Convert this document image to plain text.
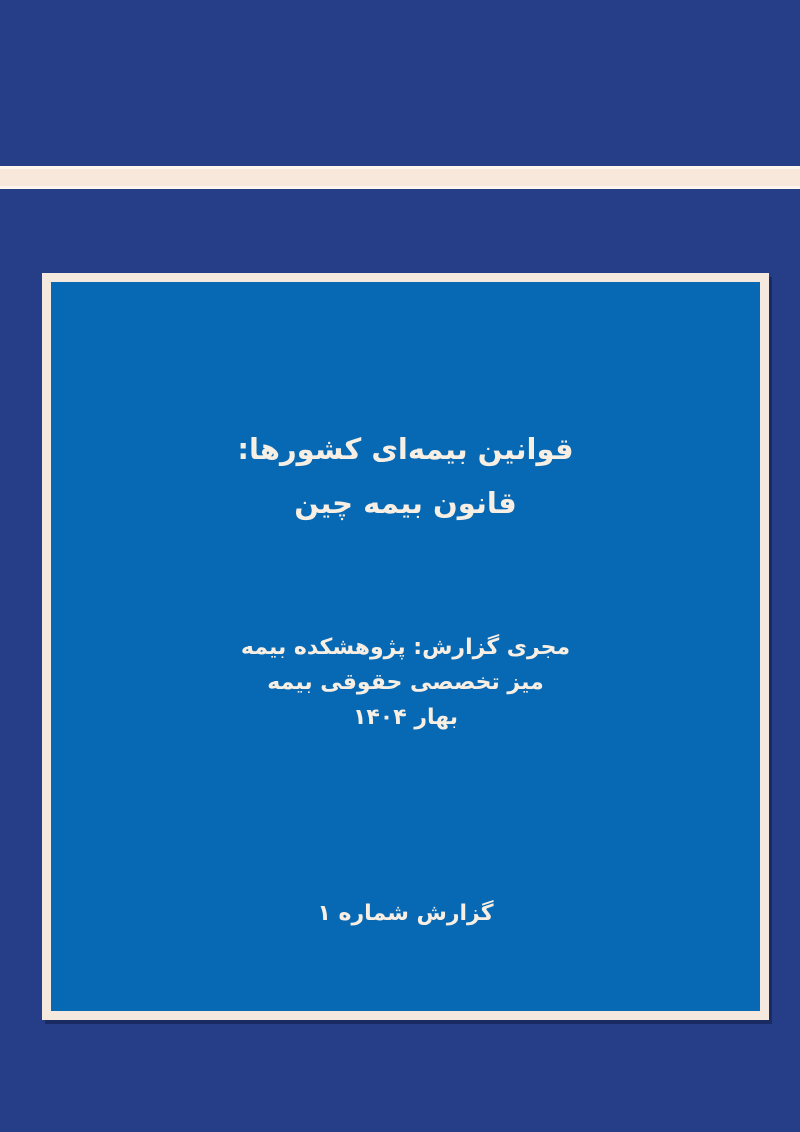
قوانین بیمه‌ای کشورها:
قانون بیمه چین
مجری گزارش: پژوهشکده بیمه
میز تخصصی حقوقی بیمه
بهار ۱۴۰۴
گزارش شماره ۱
